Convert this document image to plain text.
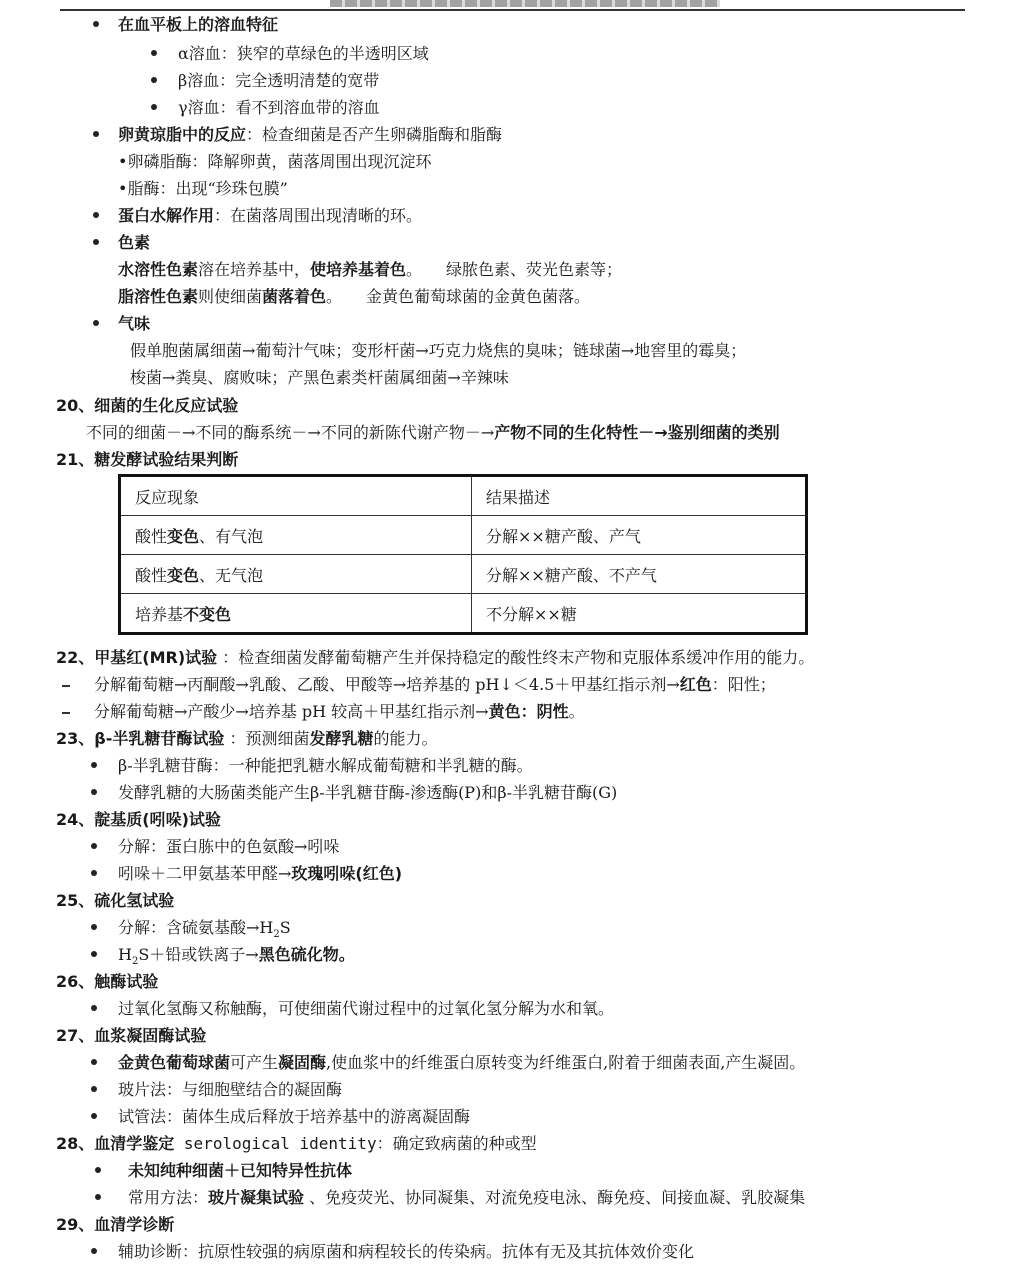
在血平板上的溶血特征
α溶血：狭窄的草绿色的半透明区域
β溶血：完全透明清楚的宽带
γ溶血：看不到溶血带的溶血
卵黄琼脂中的反应：检查细菌是否产生卵磷脂酶和脂酶
•卵磷脂酶：降解卵黄，菌落周围出现沉淀环
•脂酶：出现“珍珠包膜”
蛋白水解作用：在菌落周围出现清晰的环。
色素
水溶性色素溶在培养基中，使培养基着色。　　绿脓色素、荧光色素等；
脂溶性色素则使细菌菌落着色。　　金黄色葡萄球菌的金黄色菌落。
气味
假单胞菌属细菌→葡萄汁气味；变形杆菌→巧克力烧焦的臭味；链球菌→地窖里的霉臭；
梭菌→粪臭、腐败味；产黑色素类杆菌属细菌→辛辣味
20、细菌的生化反应试验
不同的细菌－→不同的酶系统－→不同的新陈代谢产物－→产物不同的生化特性－→鉴别细菌的类别
21、糖发酵试验结果判断
反应现象	结果描述
酸性变色、有气泡	分解××糖产酸、产气
酸性变色、无气泡	分解××糖产酸、不产气
培养基不变色	不分解××糖
22、甲基红(MR)试验 ：检查细菌发酵葡萄糖产生并保持稳定的酸性终末产物和克服体系缓冲作用的能力。
分解葡萄糖→丙酮酸→乳酸、乙酸、甲酸等→培养基的 pH↓＜4.5＋甲基红指示剂→红色：阳性；
分解葡萄糖→产酸少→培养基 pH 较高＋甲基红指示剂→黄色：阴性。
23、β-半乳糖苷酶试验 ：预测细菌发酵乳糖的能力。
β-半乳糖苷酶：一种能把乳糖水解成葡萄糖和半乳糖的酶。
发酵乳糖的大肠菌类能产生β-半乳糖苷酶-渗透酶(P)和β-半乳糖苷酶(G)
24、靛基质(吲哚)试验
分解：蛋白胨中的色氨酸→吲哚
吲哚＋二甲氨基苯甲醛→玫瑰吲哚(红色)
25、硫化氢试验
分解：含硫氨基酸$\to H_2S$
$H_2S+$铅或铁离子→黑色硫化物。
26、触酶试验
过氧化氢酶又称触酶，可使细菌代谢过程中的过氧化氢分解为水和氧。
27、血浆凝固酶试验
金黄色葡萄球菌可产生凝固酶,使血浆中的纤维蛋白原转变为纤维蛋白,附着于细菌表面,产生凝固。
玻片法：与细胞壁结合的凝固酶
试管法：菌体生成后释放于培养基中的游离凝固酶
28、血清学鉴定 serological identity：确定致病菌的种或型
未知纯种细菌＋已知特异性抗体
常用方法：玻片凝集试验 、免疫荧光、协同凝集、对流免疫电泳、酶免疫、间接血凝、乳胶凝集
29、血清学诊断
辅助诊断：抗原性较强的病原菌和病程较长的传染病。抗体有无及其抗体效价变化
